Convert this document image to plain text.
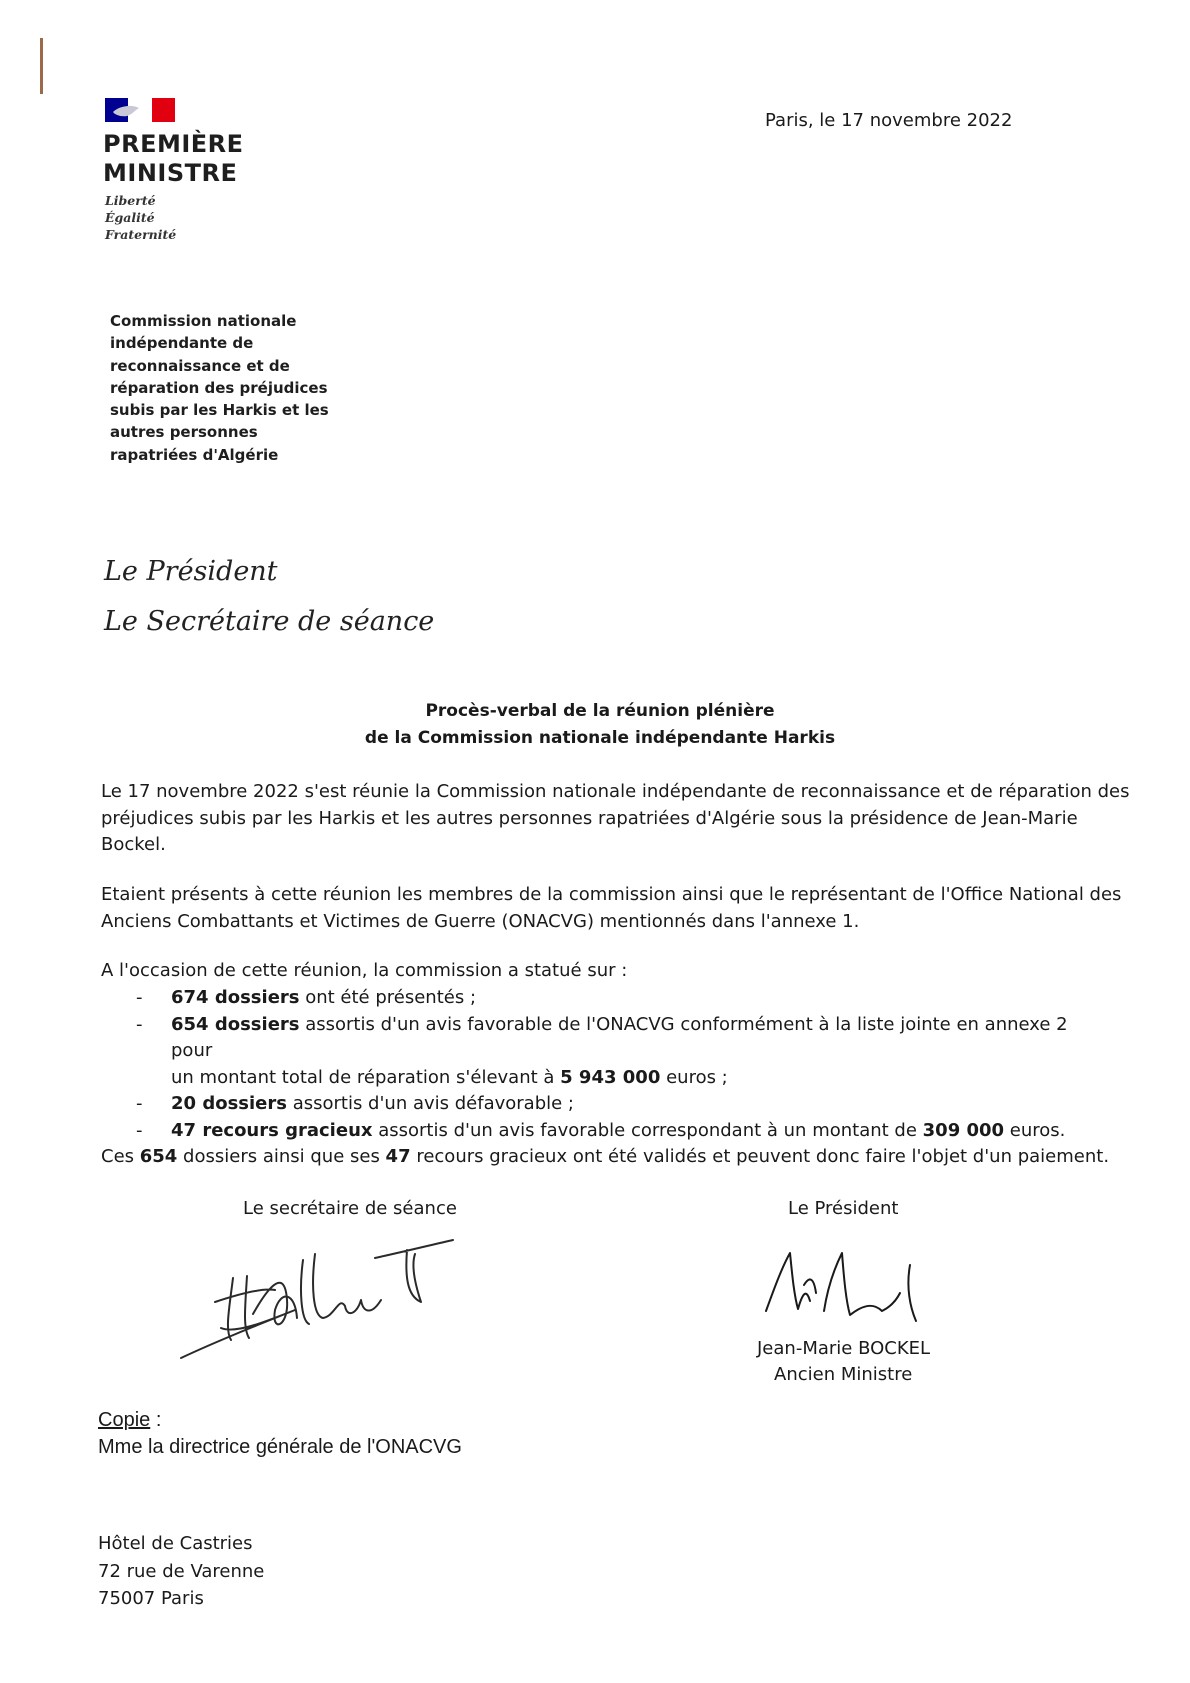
PREMIÈRE
MINISTRE
Liberté
Égalité
Fraternité
Paris, le 17 novembre 2022
Commission nationale
indépendante de
reconnaissance et de
réparation des préjudices
subis par les Harkis et les
autres personnes
rapatriées d'Algérie
Le Président
Le Secrétaire de séance
Procès-verbal de la réunion plénière
de la Commission nationale indépendante Harkis
Le 17 novembre 2022 s'est réunie la Commission nationale indépendante de reconnaissance et de réparation des
préjudices subis par les Harkis et les autres personnes rapatriées d'Algérie sous la présidence de Jean-Marie
Bockel.
Etaient présents à cette réunion les membres de la commission ainsi que le représentant de l'Office National des
Anciens Combattants et Victimes de Guerre (ONACVG) mentionnés dans l'annexe 1.
A l'occasion de cette réunion, la commission a statué sur :
- 674 dossiers ont été présentés ;
- 654 dossiers assortis d'un avis favorable de l'ONACVG conformément à la liste jointe en annexe 2 pour
un montant total de réparation s'élevant à 5 943 000 euros ;
- 20 dossiers assortis d'un avis défavorable ;
- 47 recours gracieux assortis d'un avis favorable correspondant à un montant de 309 000 euros.
Ces 654 dossiers ainsi que ses 47 recours gracieux ont été validés et peuvent donc faire l'objet d'un paiement.
Le secrétaire de séance	Le Président
Jean-Marie BOCKEL
Ancien Ministre
Copie :
Mme la directrice générale de l'ONACVG
Hôtel de Castries
72 rue de Varenne
75007 Paris
